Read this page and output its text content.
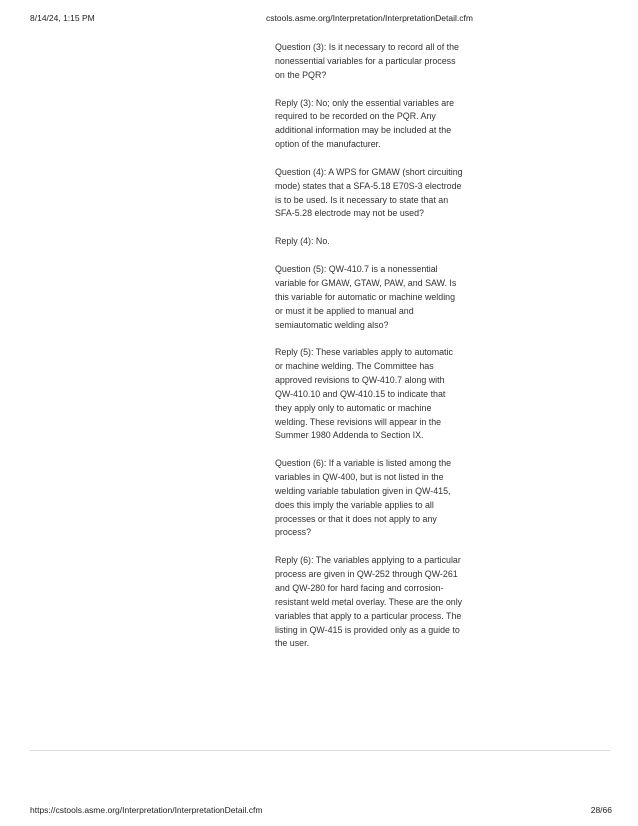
8/14/24, 1:15 PM	cstools.asme.org/Interpretation/InterpretationDetail.cfm

Question (3): Is it necessary to record all of the nonessential variables for a particular process on the PQR?

Reply (3): No; only the essential variables are required to be recorded on the PQR. Any additional information may be included at the option of the manufacturer.

Question (4): A WPS for GMAW (short circuiting mode) states that a SFA-5.18 E70S-3 electrode is to be used. Is it necessary to state that an SFA-5.28 electrode may not be used?

Reply (4): No.

Question (5): QW-410.7 is a nonessential variable for GMAW, GTAW, PAW, and SAW. Is this variable for automatic or machine welding or must it be applied to manual and semiautomatic welding also?

Reply (5): These variables apply to automatic or machine welding. The Committee has approved revisions to QW-410.7 along with QW-410.10 and QW-410.15 to indicate that they apply only to automatic or machine welding. These revisions will appear in the Summer 1980 Addenda to Section IX.

Question (6): If a variable is listed among the variables in QW-400, but is not listed in the welding variable tabulation given in QW-415, does this imply the variable applies to all processes or that it does not apply to any process?

Reply (6): The variables applying to a particular process are given in QW-252 through QW-261 and QW-280 for hard facing and corrosion-resistant weld metal overlay. These are the only variables that apply to a particular process. The listing in QW-415 is provided only as a guide to the user.

https://cstools.asme.org/Interpretation/InterpretationDetail.cfm	28/66
